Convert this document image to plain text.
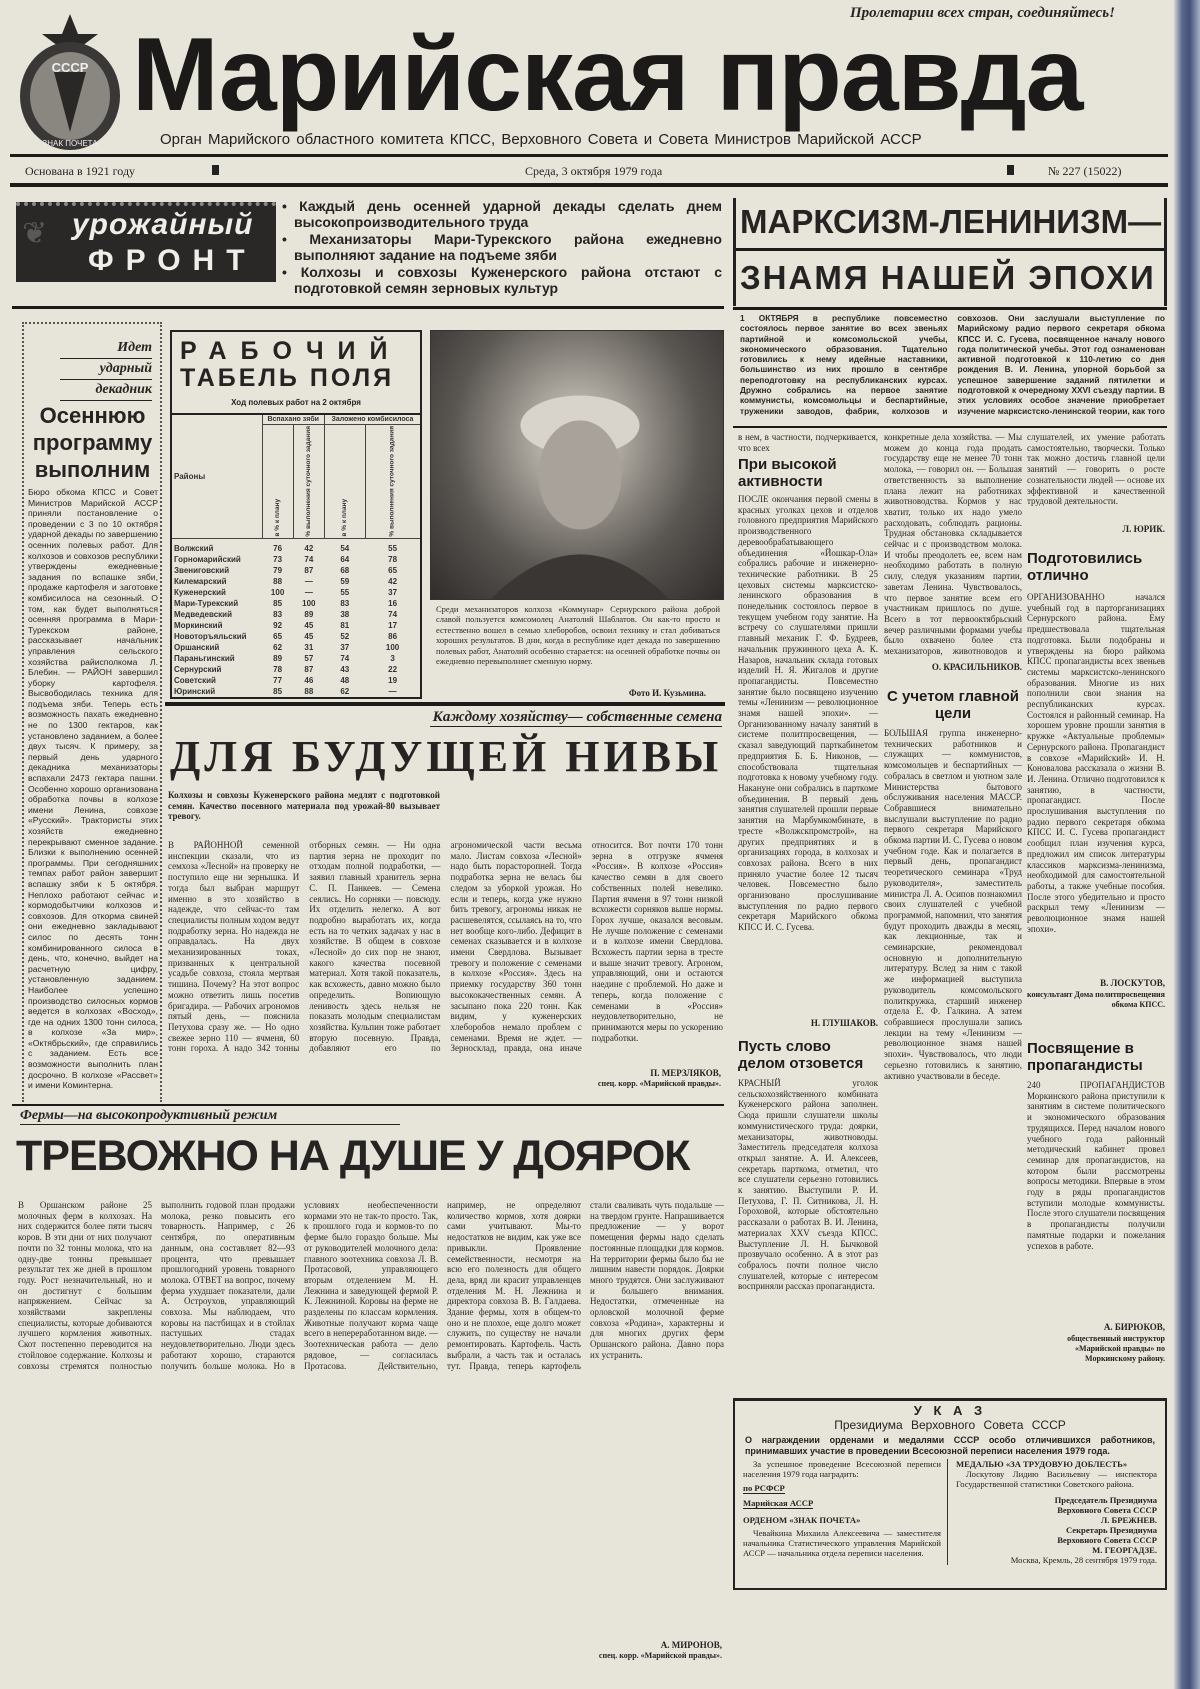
СССР
ЗНАК ПОЧЕТА
Пролетарии всех стран, соединяйтесь!
Марийская правда
Орган Марийского областного комитета КПСС, Верховного Совета и Совета Министров Марийской АССР
Основана в 1921 году	Среда, 3 октября 1979 года	№ 227 (15022)
❦ урожайный
ФРОНТ
• Каждый день осенней ударной декады сделать днем высокопроизводительного труда
• Механизаторы Мари-Турекского района ежедневно выполняют задание на подъеме зяби
• Колхозы и совхозы Куженерского района отстают с подготовкой семян зерновых культур
МАРКСИЗМ-ЛЕНИНИЗМ—
ЗНАМЯ НАШЕЙ ЭПОХИ
1 ОКТЯБРЯ в республике повсеместно состоялось первое занятие во всех звеньях партийной и комсомольской учебы, экономического образования. Тщательно готовились к нему идейные наставники, большинство из них прошло в сентябре переподготовку на республиканских курсах. Дружно собрались на первое занятие коммунисты, комсомольцы и беспартийные, труженики заводов, фабрик, колхозов и совхозов. Они заслушали выступление по Марийскому радио первого секретаря обкома КПСС И. С. Гусева, посвященное началу нового года политической учебы. Этот год ознаменован активной подготовкой к 110-летию со дня рождения В. И. Ленина, упорной борьбой за успешное завершение заданий пятилетки и подготовкой к очередному XXVI съезду партии. В этих условиях особое значение приобретает изучение марксистско-ленинской теории, как того
в нем, в частности, подчеркивается, что всех
При высокой активности
ПОСЛЕ окончания первой смены в красных уголках цехов и отделов головного предприятия Марийского производственного деревообрабатывающего объединения «Йошкар-Ола» собрались рабочие и инженерно-технические работники. В 25 цеховых системы марксистско-ленинского образования в понедельник состоялось первое в текущем учебном году занятие. На встречу со слушателями пришли главный механик Г. Ф. Будреев, начальник пружинного цеха А. К. Назаров, начальник склада готовых изделий Н. Я. Жигалов и другие пропагандисты. Повсеместно занятие было посвящено изучению темы «Ленинизм — революционное знамя нашей эпохи». — Организованному началу занятий в системе политпросвещения, — сказал заведующий парткабинетом предприятия Б. Б. Никонов, — способствовала тщательная подготовка к новому учебному году. Накануне они собрались в парткоме объединения. В первый день занятия слушателей прошли первые занятия на Марбумкомбинате, в тресте «Волжскпромстрой», на других предприятиях и в организациях города, в колхозах и совхозах района. Всего в них приняло участие более 12 тысяч человек. Повсеместно было организовано прослушивание выступления по радио первого секретаря Марийского обкома КПСС И. С. Гусева.
Н. ГЛУШАКОВ.
Пусть слово делом отзовется
КРАСНЫЙ уголок сельскохозяйственного комбината Куженерского района заполнен. Сюда пришли слушатели школы коммунистического труда: доярки, механизаторы, животноводы. Заместитель председателя колхоза открыл занятие. А. И. Алексеев, секретарь парткома, отметил, что все слушатели серьезно готовились к занятию. Выступили Р. И. Петухова, Г. П. Ситникова, Л. Н. Гороховой, которые обстоятельно рассказали о работах В. И. Ленина, материалах XXV съезда КПСС. Выступление Л. Н. Бычковой прозвучало особенно. А в этот раз собралось почти полное число слушателей, которые с интересом восприняли рассказ пропагандиста.
конкретные дела хозяйства. — Мы можем до конца года продать государству еще не менее 70 тонн молока, — говорил он. — Большая ответственность за выполнение плана лежит на работниках животноводства. Кормов у нас хватит, только их надо умело расходовать, соблюдать рационы. Трудная обстановка складывается сейчас и с производством молока. И чтобы преодолеть ее, всем нам необходимо работать в полную силу, следуя указаниям партии, заветам Ленина. Чувствовалось, что первое занятие всем его участникам пришлось по душе. Всего в тот первооктябрьский вечер различными формами учебы было охвачено более ста механизаторов, животноводов и
О. КРАСИЛЬНИКОВ.
С учетом главной цели
БОЛЬШАЯ группа инженерно-технических работников и служащих — коммунистов, комсомольцев и беспартийных — собралась в светлом и уютном зале Министерства бытового обслуживания населения МАССР. Собравшиеся внимательно выслушали выступление по радио первого секретаря Марийского обкома партии И. С. Гусева о новом учебном годе. Как и полагается в первый день, пропагандист теоретического семинара «Труд руководителя», заместитель министра Л. А. Осипов познакомил своих слушателей с учебной программой, напомнил, что занятия будут проходить дважды в месяц, как лекционные, так и семинарские, рекомендовал основную и дополнительную литературу. Вслед за ним с такой же информацией выступила руководитель комсомольского политкружка, старший инженер отдела Е. Ф. Галкина. А затем собравшиеся прослушали запись лекции на тему «Ленинизм — революционное знамя нашей эпохи». Чувствовалось, что люди серьезно готовились к занятию, активно участвовали в беседе.
слушателей, их умение работать самостоятельно, творчески. Только так можно достичь главной цели занятий — говорить о росте сознательности людей — основе их эффективной и качественной трудовой деятельности.
Л. ЮРИК.
Подготовились отлично
ОРГАНИЗОВАННО начался учебный год в парторганизациях Сернурского района. Ему предшествовала тщательная подготовка. Были подобраны и утверждены на бюро райкома КПСС пропагандисты всех звеньев системы марксистско-ленинского образования. Многие из них пополнили свои знания на республиканских курсах. Состоялся и районный семинар. На хорошем уровне прошли занятия в кружке «Актуальные проблемы» Сернурского района. Пропагандист в совхозе «Марийский» И. Н. Коновалова рассказала о жизни В. И. Ленина. Отлично подготовился к занятию, в частности, пропагандист. После прослушивания выступления по радио первого секретаря обкома КПСС И. С. Гусева пропагандист сообщил план изучения курса, предложил им список литературы классиков марксизма-ленинизма, необходимой для самостоятельной работы, а также учебные пособия. После этого убедительно и просто раскрыл тему «Ленинизм — революционное знамя нашей эпохи».
В. ЛОСКУТОВ,
консультант Дома политпросвещения обкома КПСС.
Посвящение в пропагандисты
240 ПРОПАГАНДИСТОВ Моркинского района приступили к занятиям в системе политического и экономического образования трудящихся. Перед началом нового учебного года районный методический кабинет провел семинар для пропагандистов, на котором были рассмотрены вопросы методики. Впервые в этом году в ряды пропагандистов вступили молодые коммунисты. После этого слушатели посвящения в пропагандисты получили памятные подарки и пожелания успехов в работе.
А. БИРЮКОВ,
общественный инструктор «Марийской правды» по Моркинскому району.
Идет
ударный
декадник
Осеннюю программу выполним
Бюро обкома КПСС и Совет Министров Марийской АССР приняли постановление о проведении с 3 по 10 октября ударной декады по завершению осенних полевых работ. Для колхозов и совхозов республики утверждены ежедневные задания по вспашке зяби, продаже картофеля и заготовке комбисилоса на сезонный. О том, как будет выполняться осенняя программа в Мари-Турекском районе, рассказывает начальник управления сельского хозяйства райисполкома Л. Блебин. — РАЙОН завершил уборку картофеля. Высвободилась техника для подъема зяби. Теперь есть возможность пахать ежедневно не по 1300 гектаров, как установлено заданием, а более двух тысяч. К примеру, за первый день ударного декадника механизаторы вспахали 2473 гектара пашни. Особенно хорошо организована обработка почвы в колхозе имени Ленина, совхозе «Русский». Трактористы этих хозяйств ежедневно перекрывают сменное задание. Близки к выполнению осенней программы. При сегодняшних темпах работ район завершит вспашку зяби к 5 октября. Неплохо работают сейчас и кормодобытчики колхозов и совхозов. Для откорма свиней они ежедневно закладывают силос по десять тонн комбинированного силоса в день, что, конечно, выйдет на расчетную цифру, установленную заданием. Наиболее успешно производство силосных кормов ведется в колхозах «Восход», где на одних 1300 тонн силоса, в колхозе «За мир», «Октябрьский», где справились с заданием. Есть все возможности выполнить план досрочно. В колхозе «Рассвет» и имени Коминтерна.
РАБОЧИЙ
ТАБЕЛЬ ПОЛЯ
Ход полевых работ на 2 октября
Районы	Вспахано зяби		Заложено комбисилоса	
	в % к плану	% выполнения суточного задания	в % к плану	% выполнения суточного задания
Волжский	76	42	54	55
Горномарийский	73	74	64	78
Звениговский	79	87	68	65
Килемарский	88	—	59	42
Куженерский	100	—	55	37
Мари-Турекский	85	100	83	16
Медведевский	83	89	38	74
Моркинский	92	45	81	17
Новоторъяльский	65	45	52	86
Оршанский	62	31	37	100
Параньгинский	89	57	74	3
Сернурский	78	87	43	22
Советский	77	46	48	19
Юринский	85	88	62	—
Среди механизаторов колхоза «Коммунар» Сернурского района доброй славой пользуется комсомолец Анатолий Шаблатов. Он как-то просто и естественно вошел в семью хлеборобов, освоил технику и стал добиваться хороших результатов. В дни, когда в республике идет декада по завершению полевых работ, Анатолий особенно старается: на осенней обработке почвы он ежедневно перевыполняет сменную норму.
Фото И. Кузьмина.
Каждому хозяйству— собственные семена
ДЛЯ БУДУЩЕЙ НИВЫ
Колхозы и совхозы Куженерского района медлят с подготовкой семян. Качество посевного материала под урожай-80 вызывает тревогу.
В РАЙОННОЙ семенной инспекции сказали, что из семхоза «Лесной» на проверку не поступило еще ни зернышка. И тогда был выбран маршрут именно в это хозяйство в надежде, что сейчас-то там специалисты полным ходом ведут подработку зерна. Но надежда не оправдалась. На двух механизированных токах, призванных к центральной усадьбе совхоза, стояла мертвая тишина. Почему? На этот вопрос можно ответить лишь посетив бригадира. — Рабочих агрономов пятый день, — пояснила Петухова сразу же. — Но одно свежее зерно 110 — ячменя, 60 тонн гороха. А надо 342 тонны отборных семян. — Ни одна партия зерна не проходит по отходам полной подработки, — заявил главный хранитель зерна С. П. Панкеев. — Семена сеялись. Но сорняки — повсюду. Их отделить нелегко. А вот подробно выработать их, когда есть на то четких задачах у нас в хозяйстве. В общем в совхозе «Лесной» до сих пор не знают, какого качества посевной материал. Хотя такой показатель, как всхожесть, давно можно было определить. Вопиющую ленивость здесь нельзя не показать молодым специалистам хозяйства. Кульпин тоже работает вторую посевную. Правда, добавляют его по агрономической части весьма мало. Листам совхоза «Лесной» надо быть порасторопней. Тогда подработка зерна не велась бы следом за уборкой урожая. Но если и теперь, когда уже нужно бить тревогу, агрономы никак не расшевелятся, ссылаясь на то, что нет вообще кого-либо. Дефицит в семенах сказывается и в колхозе имени Свердлова. Вызывает тревогу и положение с семенами в колхозе «Россия». Здесь на приемку государству 360 тонн высококачественных семян. А засыпано пока 220 тонн. Как видим, у куженерских хлеборобов немало проблем с семенами. Время не ждет. — Зерносклад, правда, она иначе относится. Вот почти 170 тонн зерна в отгрузке ячменя «Россия». В колхозе «Россия» качество семян в для своего собственных полей невелико. Партия ячменя в 97 тонн низкой всхожести сорняков выше нормы. Горох лучше, оказался весовым. Не лучше положение с семенами и в колхозе имени Свердлова. Всхожесть партии зерна в тресте и выше значит тревогу. Агроном, управляющий, они и остаются наедине с проблемой. Но даже и теперь, когда положение с семенами в «Россия» неудовлетворительно, не принимаются меры по ускорению подработки.
П. МЕРЗЛЯКОВ,
спец. корр. «Марийской правды».
Фермы—на высокопродуктивный режим
ТРЕВОЖНО НА ДУШЕ У ДОЯРОК
В Оршанском районе 25 молочных ферм в колхозах. На них содержится более пяти тысяч коров. В эти дни от них получают почти по 32 тонны молока, что на одну-две тонны превышает результат тех же дней в прошлом году. Рост незначительный, но и он достигнут с большим напряжением. Сейчас за хозяйствами закреплены специалисты, которые добиваются лучшего кормления животных. Скот постепенно переводится на стойловое содержание. Колхозы и совхозы стремятся полностью выполнить годовой план продажи молока, резко повысить его товарность. Например, с 26 сентября, по оперативным данным, она составляет 82—93 процента, что превышает прошлогодний уровень товарного молока. ОТВЕТ на вопрос, почему ферма ухудшает показатели, дали А. Остроухов, управляющий совхоза. Мы наблюдаем, что коровы на пастбищах и в стойлах пастушьих стадах неудовлетворительно. Люди здесь работают хорошо, стараются получить больше молока. Но в условиях необеспеченности кормами это не так-то просто. Так, к прошлого года и кормов-то по ферме было гораздо больше. Мы от руководителей молочного дела: главного зоотехника совхоза Л. В. Протасовой, управляющего вторым отделением М. Н. Лежнина и заведующей фермой Р. К. Лежниной. Коровы на ферме не разделены по классам кормления. Животные получают корма чаще всего в непереработанном виде. — Зоотехническая работа — дело рядовое, — согласилась Протасова. Действительно, например, не определяют количество кормов, хотя доярки сами учитывают. Мы-то недостатков не видим, как уже все привыкли. Проявление семейственности, несмотря на всю его полезность для общего дела, вряд ли красит управленцев отделения М. Н. Лежнина и директора совхоза В. В. Галдаева. Здание фермы, хотя в общем-то оно и не плохое, еще долго может служить, по существу не начали ремонтировать. Картофель. Часть выбрали, а часть так и осталась тут. Правда, теперь картофель стали сваливать чуть подальше — на твердом грунте. Напрашивается предложение — у ворот помещения фермы надо сделать постоянные площадки для кормов. На территории фермы было бы не лишним навести порядок. Доярки много трудятся. Они заслуживают и большего внимания. Недостатки, отмеченные на орловской молочной ферме совхоза «Родина», характерны и для многих других ферм Оршанского района. Давно пора их устранить.
А. МИРОНОВ,
спец. корр. «Марийской правды».
У К А З
Президиума Верховного Совета СССР
О награждении орденами и медалями СССР особо отличившихся работников, принимавших участие в проведении Всесоюзной переписи населения 1979 года.
За успешное проведение Всесоюзной переписи населения 1979 года наградить:
по РСФСР
Марийская АССР
ОРДЕНОМ «ЗНАК ПОЧЕТА»
Чевайкина Михаила Алексеевича — заместителя начальника Статистического управления Марийской АССР — начальника отдела переписи населения.
МЕДАЛЬЮ «ЗА ТРУДОВУЮ ДОБЛЕСТЬ»
Лоскутову Лидию Васильевну — инспектора Государственной статистики Советского района.
Председатель Президиума
Верховного Совета СССР
Л. БРЕЖНЕВ.
Секретарь Президиума
Верховного Совета СССР
М. ГЕОРГАДЗЕ.
Москва, Кремль, 28 сентября 1979 года.
